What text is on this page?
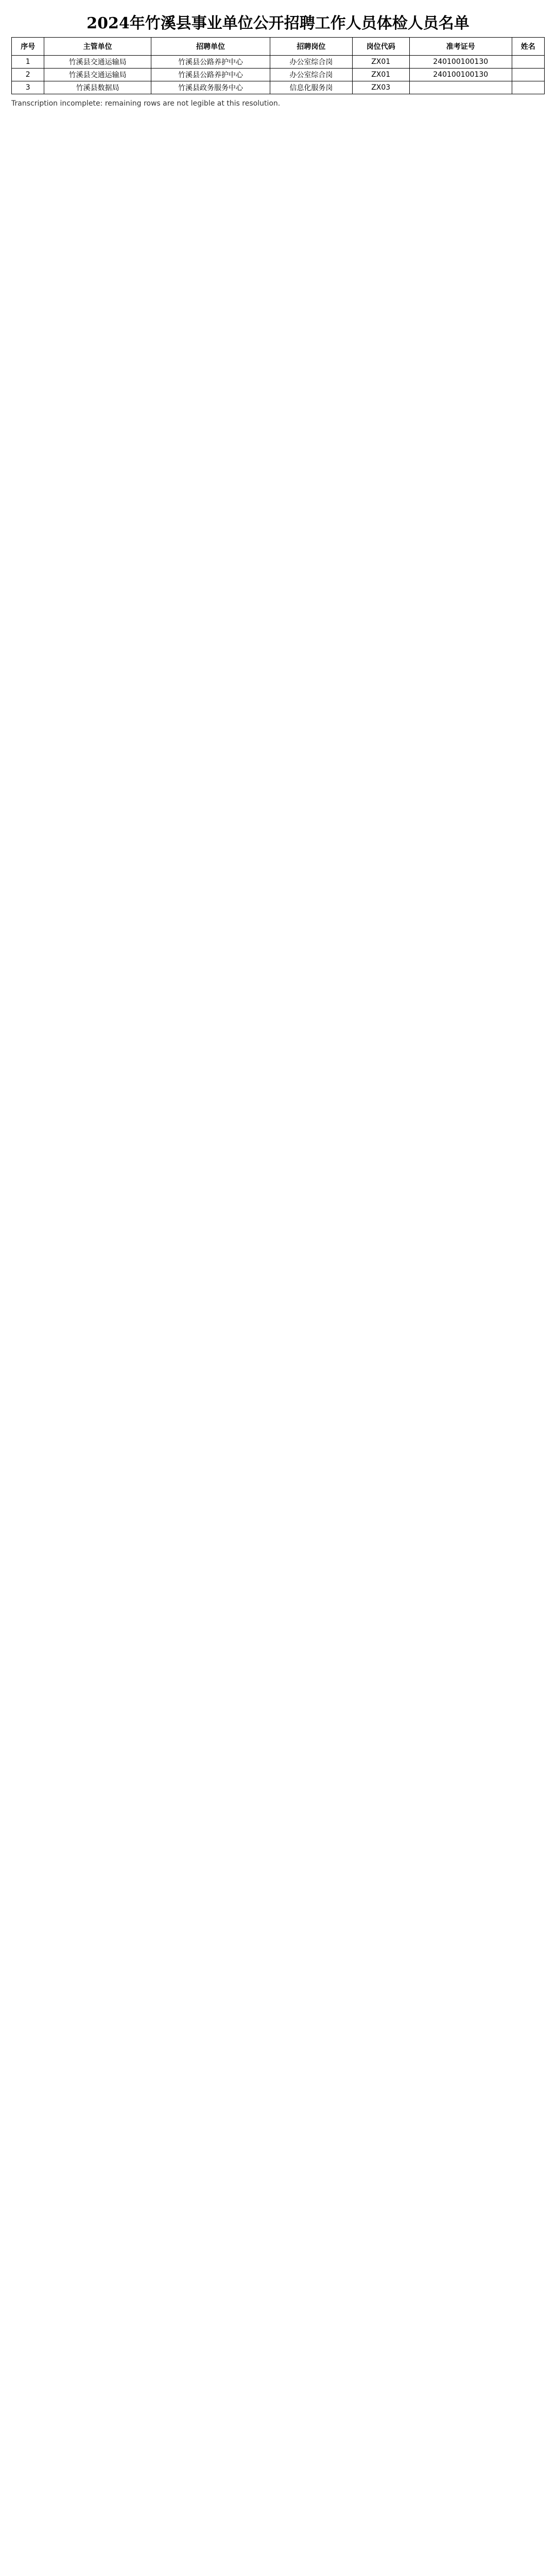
2024年竹溪县事业单位公开招聘工作人员体检人员名单
序号	主管单位	招聘单位	招聘岗位	岗位代码	准考证号	姓名
1	竹溪县交通运输局	竹溪县公路养护中心	办公室综合岗	ZX01	240100100130	
2	竹溪县交通运输局	竹溪县公路养护中心	办公室综合岗	ZX01	240100100130	
3	竹溪县数据局	竹溪县政务服务中心	信息化服务岗	ZX03		
Transcription incomplete: remaining rows are not legible at this resolution.
